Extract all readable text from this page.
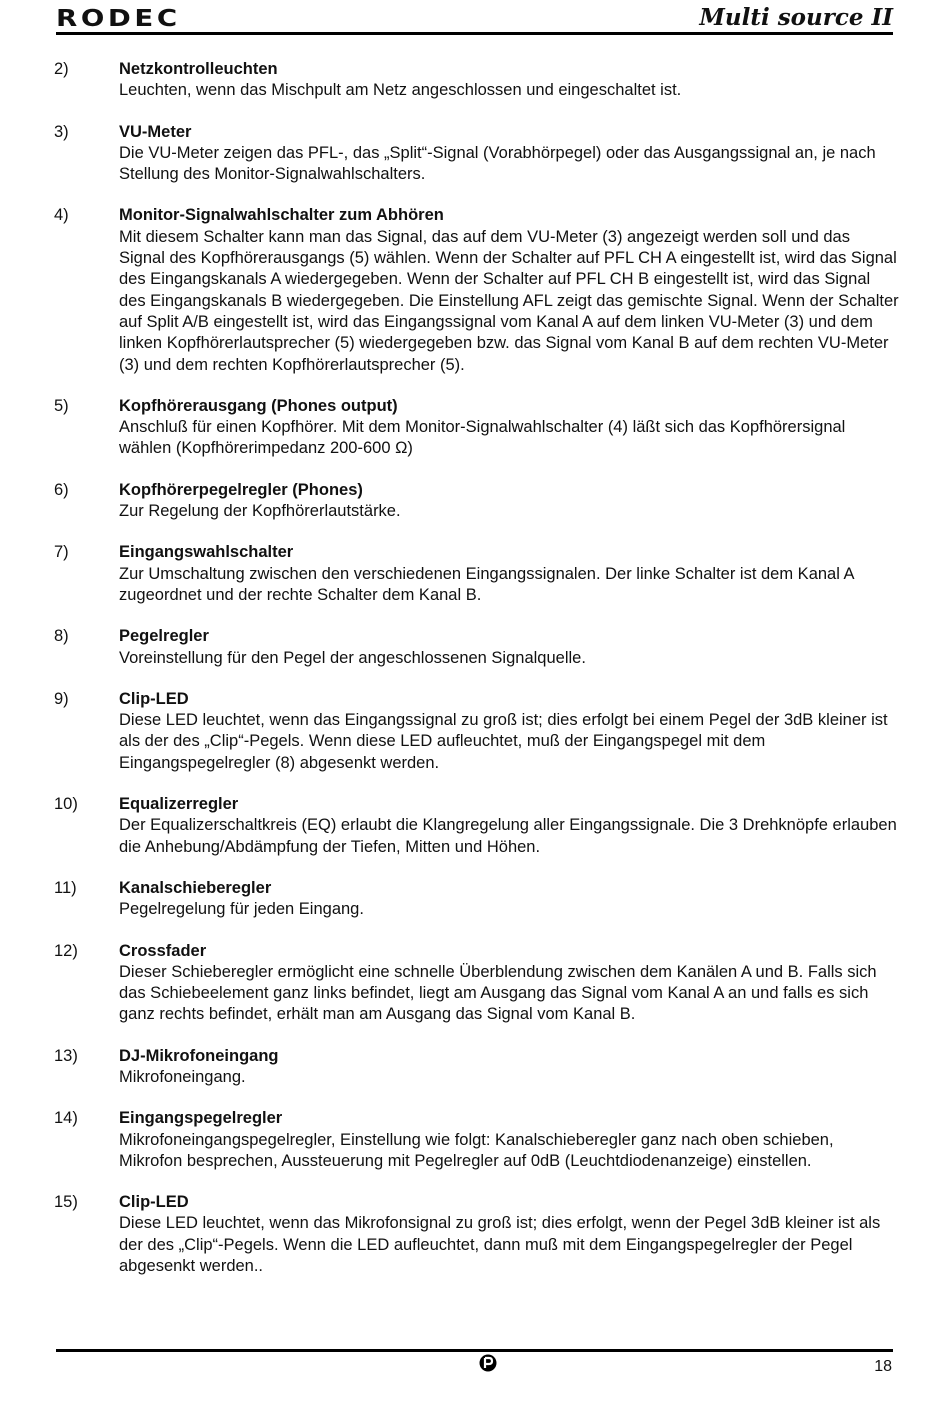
RODEC	Multi source II
2)	Netzkontrolleuchten
Leuchten, wenn das Mischpult am Netz angeschlossen und eingeschaltet ist.
3)	VU-Meter
Die VU-Meter zeigen das PFL-, das „Split“-Signal (Vorabhörpegel) oder das Ausgangssignal an, je nach Stellung des Monitor-Signalwahlschalters.
4)	Monitor-Signalwahlschalter zum Abhören
Mit diesem Schalter kann man das Signal, das auf dem VU-Meter (3) angezeigt werden soll und das Signal des Kopfhörerausgangs (5) wählen. Wenn der Schalter auf PFL CH A eingestellt ist, wird das Signal des Eingangskanals A wiedergegeben. Wenn der Schalter auf PFL CH B eingestellt ist, wird das Signal des Eingangskanals B wiedergegeben. Die Einstellung AFL zeigt das gemischte Signal. Wenn der Schalter auf Split A/B eingestellt ist, wird das Eingangssignal vom Kanal A auf dem linken VU-Meter (3) und dem linken Kopfhörerlautsprecher (5) wiedergegeben bzw. das Signal vom Kanal B auf dem rechten VU-Meter (3) und dem rechten Kopfhörerlautsprecher (5).
5)	Kopfhörerausgang (Phones output)
Anschluß für einen Kopfhörer. Mit dem Monitor-Signalwahlschalter (4) läßt sich das Kopfhörersignal wählen (Kopfhörerimpedanz 200-600 Ω)
6)	Kopfhörerpegelregler (Phones)
Zur Regelung der Kopfhörerlautstärke.
7)	Eingangswahlschalter
Zur Umschaltung zwischen den verschiedenen Eingangssignalen. Der linke Schalter ist dem Kanal A zugeordnet und der rechte Schalter dem Kanal B.
8)	Pegelregler
Voreinstellung für den Pegel der angeschlossenen Signalquelle.
9)	Clip-LED
Diese LED leuchtet, wenn das Eingangssignal zu groß ist; dies erfolgt bei einem Pegel der 3dB kleiner ist als der des „Clip“-Pegels. Wenn diese LED aufleuchtet, muß der Eingangspegel mit dem Eingangspegelregler (8) abgesenkt werden.
10)	Equalizerregler
Der Equalizerschaltkreis (EQ) erlaubt die Klangregelung aller Eingangssignale. Die 3 Drehknöpfe erlauben die Anhebung/Abdämpfung der Tiefen, Mitten und Höhen.
11)	Kanalschieberegler
Pegelregelung für jeden Eingang.
12)	Crossfader
Dieser Schieberegler ermöglicht eine schnelle Überblendung zwischen dem Kanälen A und B. Falls sich das Schiebeelement ganz links befindet, liegt am Ausgang das Signal vom Kanal A an und falls es sich ganz rechts befindet, erhält man am Ausgang das Signal vom Kanal B.
13)	DJ-Mikrofoneingang
Mikrofoneingang.
14)	Eingangspegelregler
Mikrofoneingangspegelregler, Einstellung wie folgt: Kanalschieberegler ganz nach oben schieben, Mikrofon besprechen, Aussteuerung mit Pegelregler auf 0dB (Leuchtdiodenanzeige) einstellen.
15)	Clip-LED
Diese LED leuchtet, wenn das Mikrofonsignal zu groß ist; dies erfolgt, wenn der Pegel 3dB kleiner ist als der des „Clip“-Pegels. Wenn die LED aufleuchtet, dann muß mit dem Eingangspegelregler der Pegel abgesenkt werden..
18
